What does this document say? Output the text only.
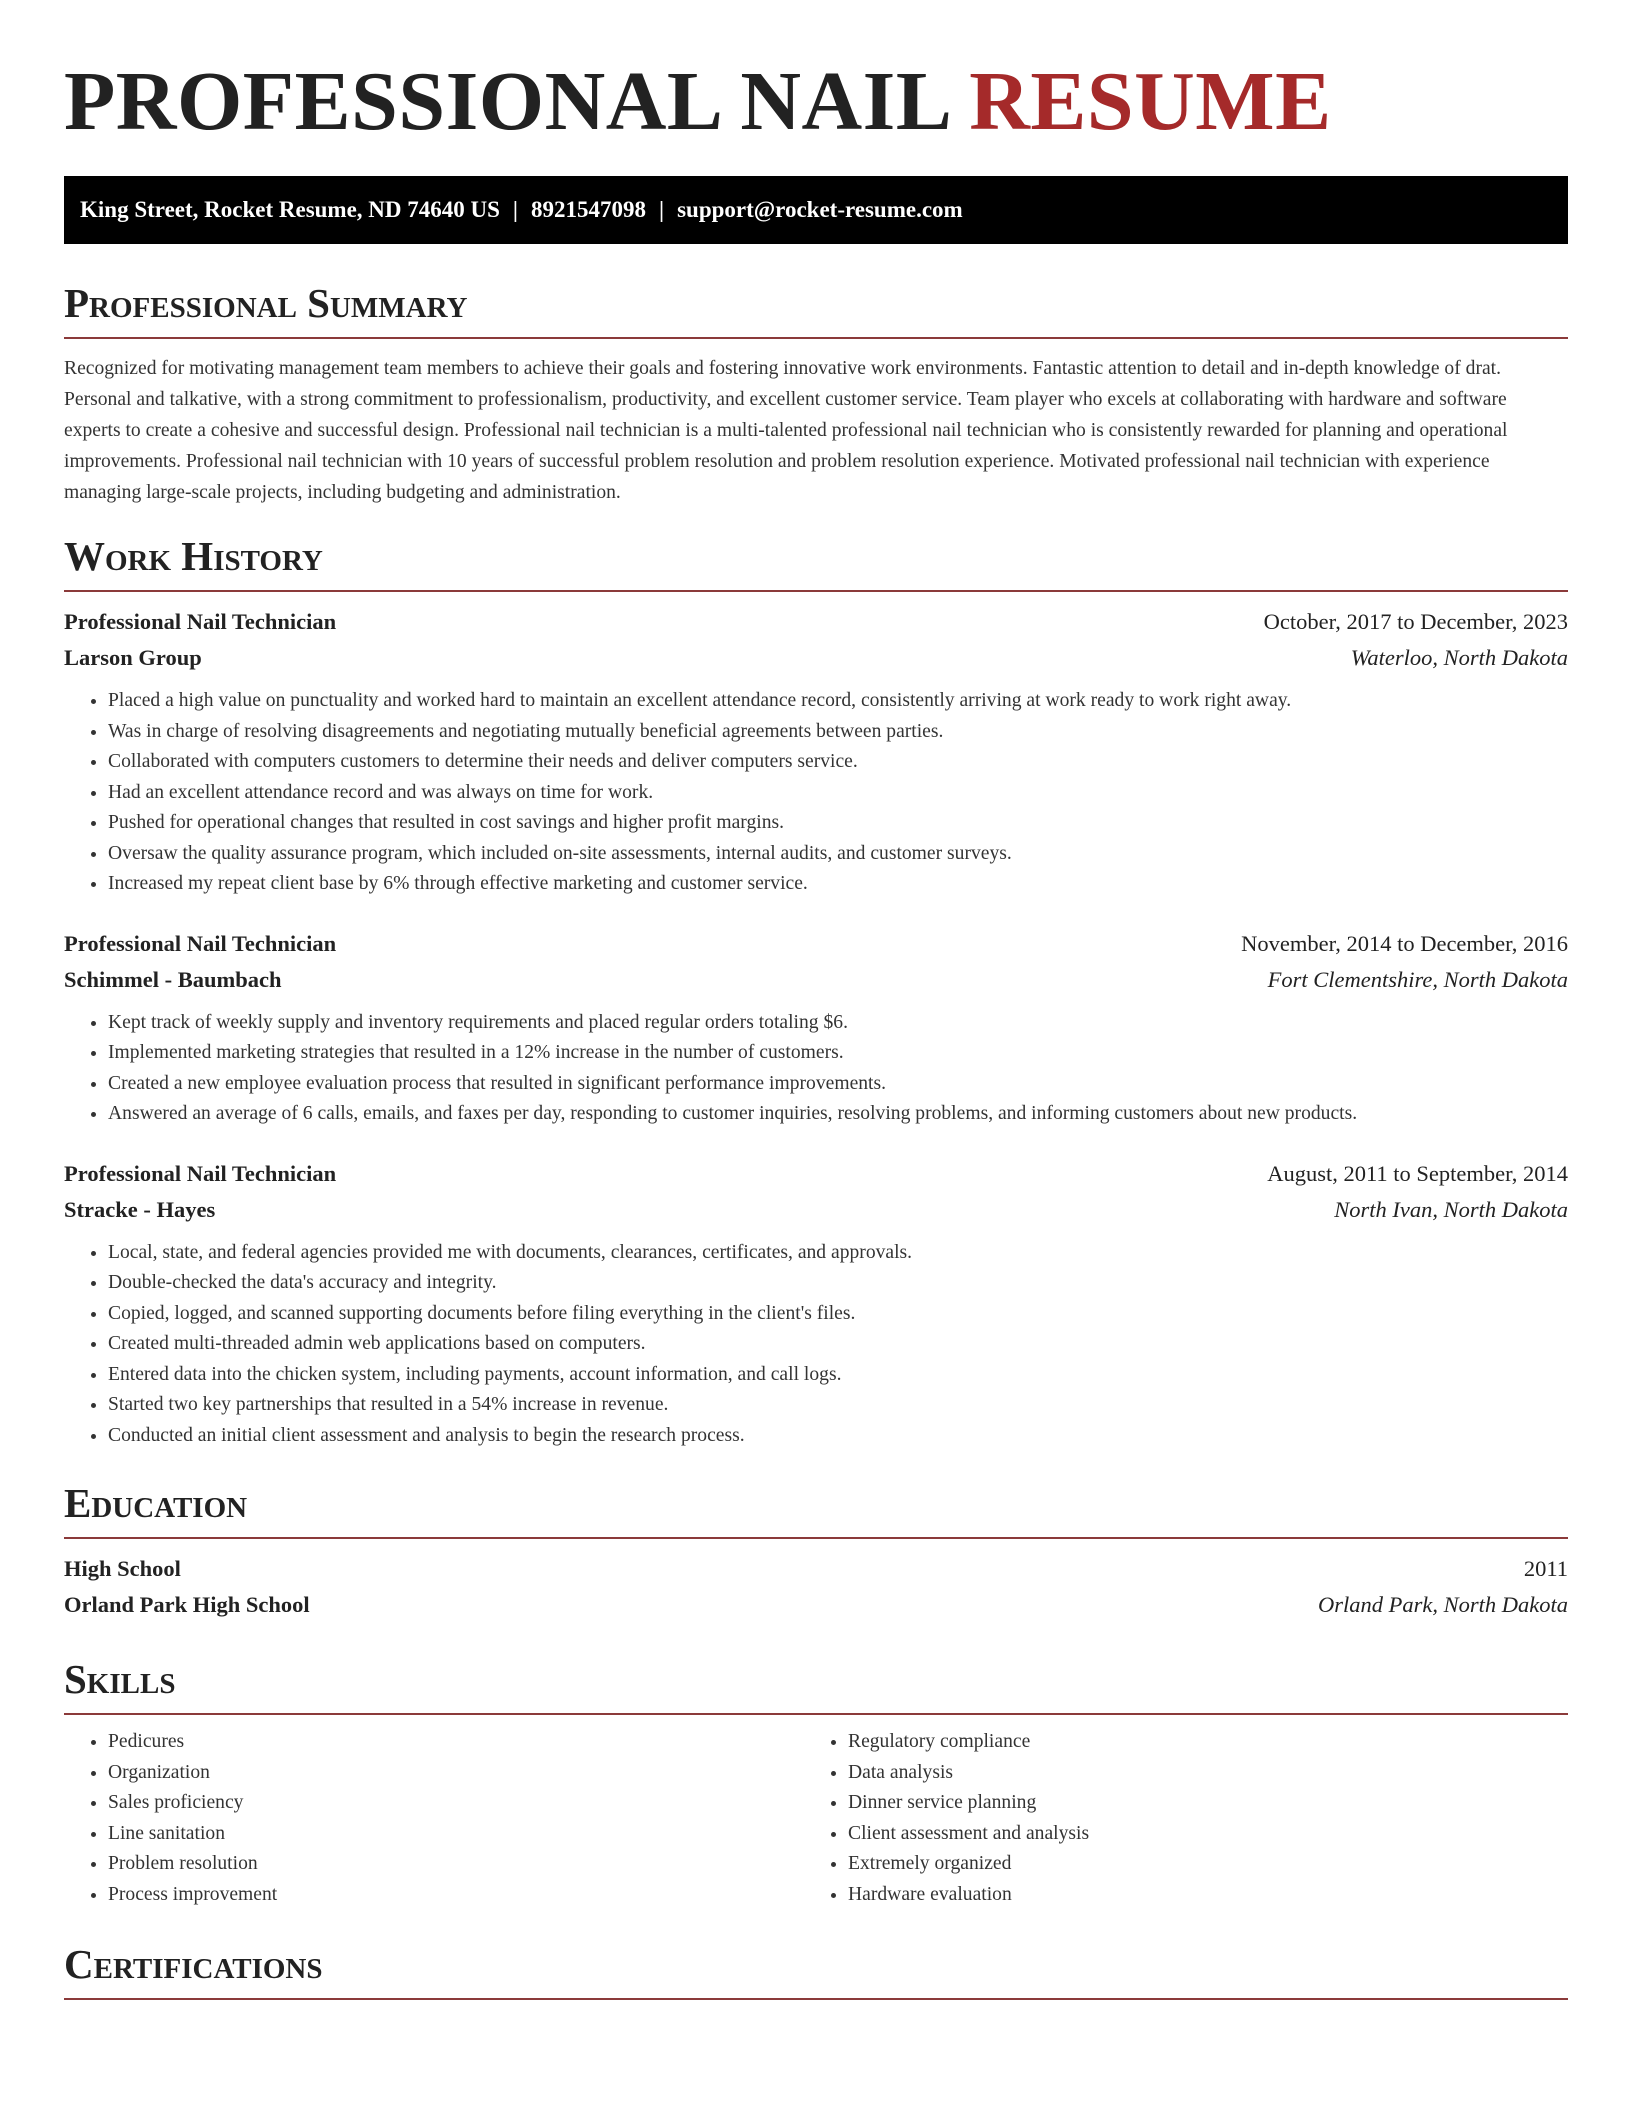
PROFESSIONAL NAIL RESUME
King Street, Rocket Resume, ND 74640 US | 8921547098 | support@rocket-resume.com
Professional Summary

Recognized for motivating management team members to achieve their goals and fostering innovative work environments. Fantastic attention to detail and in-depth knowledge of drat. Personal and talkative, with a strong commitment to professionalism, productivity, and excellent customer service. Team player who excels at collaborating with hardware and software experts to create a cohesive and successful design. Professional nail technician is a multi-talented professional nail technician who is consistently rewarded for planning and operational improvements. Professional nail technician with 10 years of successful problem resolution and problem resolution experience. Motivated professional nail technician with experience managing large-scale projects, including budgeting and administration.

Work History
Professional Nail Technician	October, 2017 to December, 2023
Larson Group	Waterloo, North Dakota
• Placed a high value on punctuality and worked hard to maintain an excellent attendance record, consistently arriving at work ready to work right away.
• Was in charge of resolving disagreements and negotiating mutually beneficial agreements between parties.
• Collaborated with computers customers to determine their needs and deliver computers service.
• Had an excellent attendance record and was always on time for work.
• Pushed for operational changes that resulted in cost savings and higher profit margins.
• Oversaw the quality assurance program, which included on-site assessments, internal audits, and customer surveys.
• Increased my repeat client base by 6% through effective marketing and customer service.
Professional Nail Technician	November, 2014 to December, 2016
Schimmel - Baumbach	Fort Clementshire, North Dakota
• Kept track of weekly supply and inventory requirements and placed regular orders totaling $6.
• Implemented marketing strategies that resulted in a 12% increase in the number of customers.
• Created a new employee evaluation process that resulted in significant performance improvements.
• Answered an average of 6 calls, emails, and faxes per day, responding to customer inquiries, resolving problems, and informing customers about new products.
Professional Nail Technician	August, 2011 to September, 2014
Stracke - Hayes	North Ivan, North Dakota
• Local, state, and federal agencies provided me with documents, clearances, certificates, and approvals.
• Double-checked the data's accuracy and integrity.
• Copied, logged, and scanned supporting documents before filing everything in the client's files.
• Created multi-threaded admin web applications based on computers.
• Entered data into the chicken system, including payments, account information, and call logs.
• Started two key partnerships that resulted in a 54% increase in revenue.
• Conducted an initial client assessment and analysis to begin the research process.
Education
High School	2011
Orland Park High School	Orland Park, North Dakota
Skills
• Pedicures
• Organization
• Sales proficiency
• Line sanitation
• Problem resolution
• Process improvement
• Regulatory compliance
• Data analysis
• Dinner service planning
• Client assessment and analysis
• Extremely organized
• Hardware evaluation
Certifications
